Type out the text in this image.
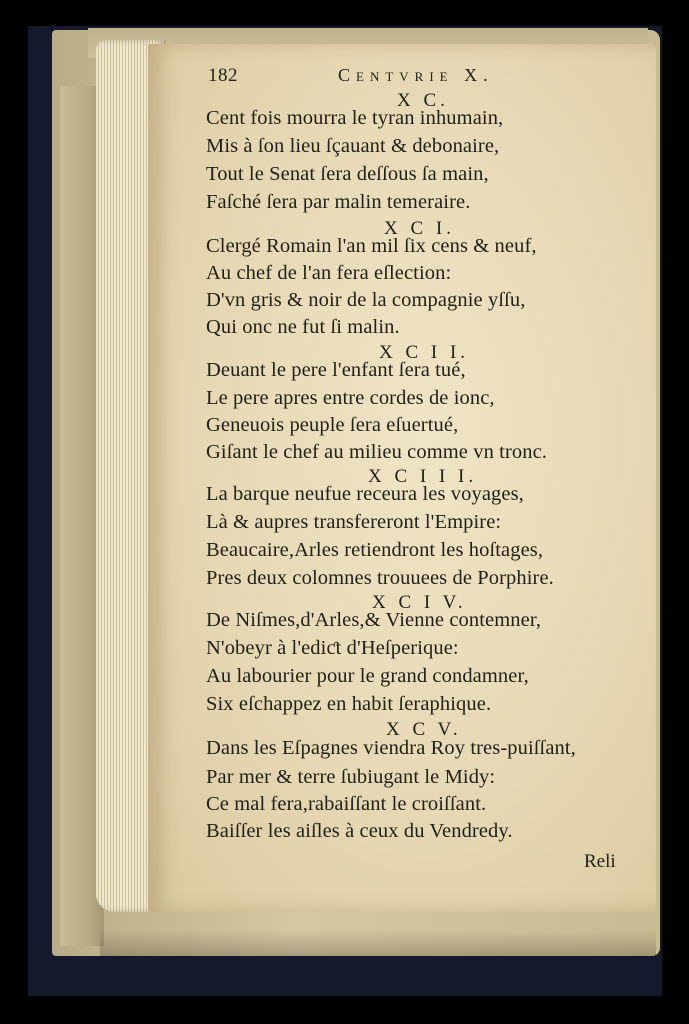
182	Centvrie X.
X C.
Cent fois mourra le tyran inhumain,
Mis à ſon lieu ſçauant & debonaire,
Tout le Senat ſera deſſous ſa main,
Faſché ſera par malin temeraire.
X C I.
Clergé Romain l'an mil ſix cens & neuf,
Au chef de l'an fera eſlection:
D'vn gris & noir de la compagnie yſſu,
Qui onc ne fut ſi malin.
X C I I.
Deuant le pere l'enfant ſera tué,
Le pere apres entre cordes de ionc,
Geneuois peuple ſera eſuertué,
Giſant le chef au milieu comme vn tronc.
X C I I I.
La barque neufue receura les voyages,
Là & aupres transfereront l'Empire:
Beaucaire,Arles retiendront les hoſtages,
Pres deux colomnes trouuees de Porphire.
X C I V.
De Niſmes,d'Arles,& Vienne contemner,
N'obeyr à l'ediƈt d'Heſperique:
Au labourier pour le grand condamner,
Six eſchappez en habit ſeraphique.
X C V.
Dans les Eſpagnes viendra Roy tres-puiſſant,
Par mer & terre ſubiugant le Midy:
Ce mal fera,rabaiſſant le croiſſant.
Baiſſer les aiſles à ceux du Vendredy.
Reli
